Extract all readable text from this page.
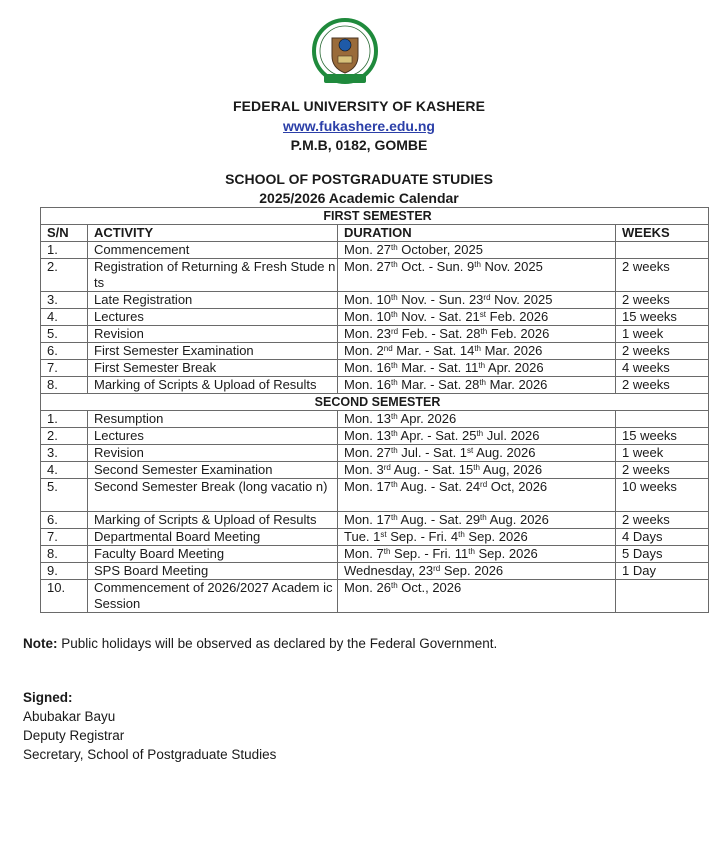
FEDERAL UNIVERSITY OF KASHERE
www.fukashere.edu.ng
P.M.B, 0182, GOMBE
SCHOOL OF POSTGRADUATE STUDIES
2025/2026 Academic Calendar
FIRST SEMESTER			
S/N	ACTIVITY	DURATION	WEEKS
1.	Commencement	Mon. 27th October, 2025	
2.	Registration of Returning & Fresh Stude nts	Mon. 27th Oct. - Sun. 9th Nov. 2025	2 weeks
3.	Late Registration	Mon. 10th Nov. - Sun. 23rd Nov. 2025	2 weeks
4.	Lectures	Mon. 10th Nov. - Sat. 21st Feb. 2026	15 weeks
5.	Revision	Mon. 23rd Feb. - Sat. 28th Feb. 2026	1 week
6.	First Semester Examination	Mon. 2nd Mar. - Sat. 14th Mar. 2026	2 weeks
7.	First Semester Break	Mon. 16th Mar. - Sat. 11th Apr. 2026	4 weeks
8.	Marking of Scripts & Upload of Results	Mon. 16th Mar. - Sat. 28th Mar. 2026	2 weeks
SECOND SEMESTER			
1.	Resumption	Mon. 13th Apr. 2026	
2.	Lectures	Mon. 13th Apr. - Sat. 25th Jul. 2026	15 weeks
3.	Revision	Mon. 27th Jul. - Sat. 1st Aug. 2026	1 week
4.	Second Semester Examination	Mon. 3rd Aug. - Sat. 15th Aug, 2026	2 weeks
5.	Second Semester Break (long vacatio n)	Mon. 17th Aug. - Sat. 24rd Oct, 2026	10 weeks
6.	Marking of Scripts & Upload of Results	Mon. 17th Aug. - Sat. 29th Aug. 2026	2 weeks
7.	Departmental Board Meeting	Tue. 1st Sep. - Fri. 4th Sep. 2026	4 Days
8.	Faculty Board Meeting	Mon. 7th Sep. - Fri. 11th Sep. 2026	5 Days
9.	SPS Board Meeting	Wednesday, 23rd Sep. 2026	1 Day
10.	Commencement of 2026/2027 Academ ic Session	Mon. 26th Oct., 2026	
Note: Public holidays will be observed as declared by the Federal Government.
Signed:
Abubakar Bayu
Deputy Registrar
Secretary, School of Postgraduate Studies
